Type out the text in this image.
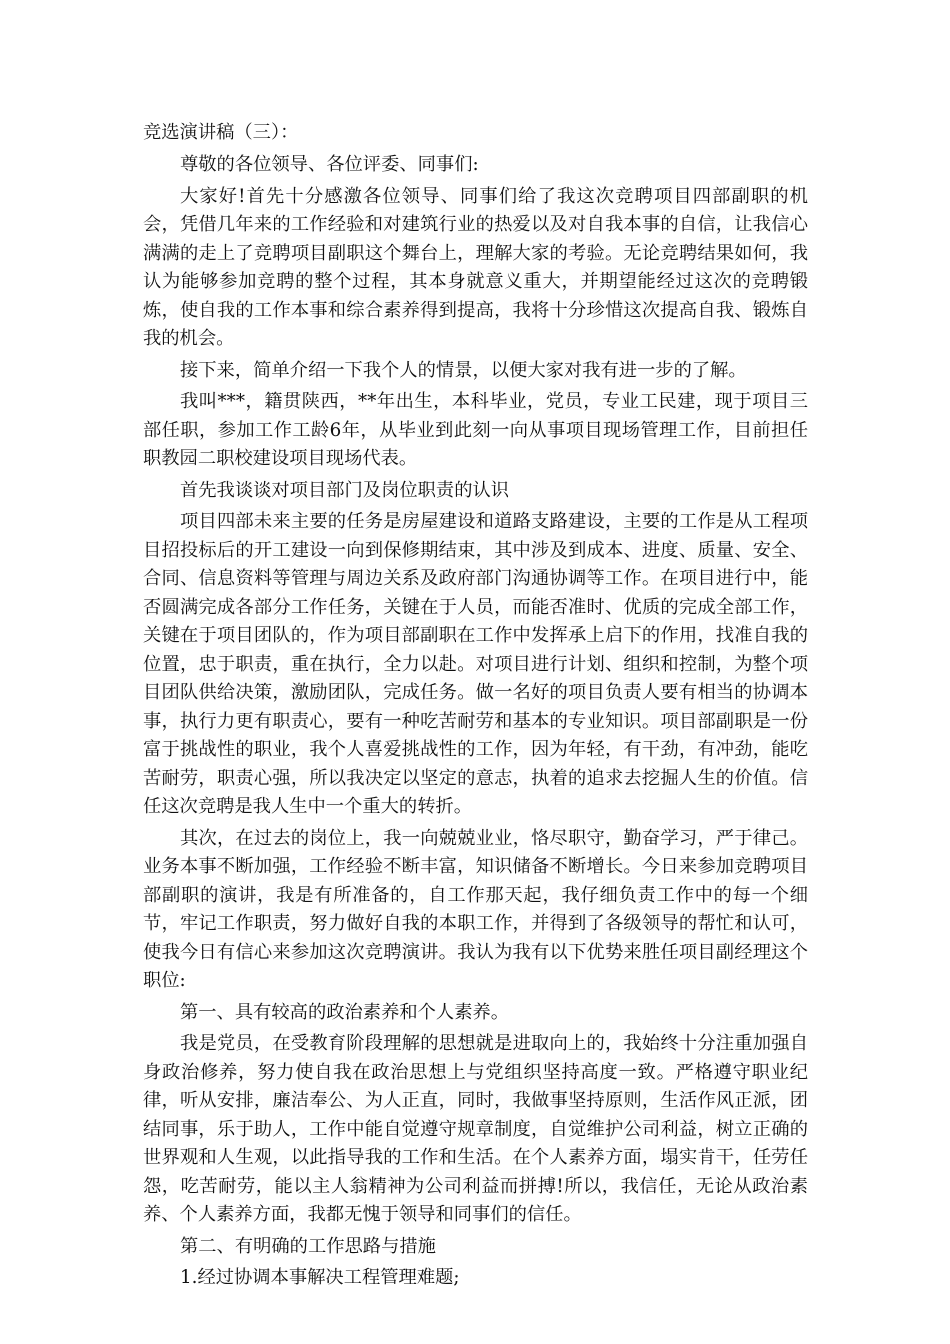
竞选演讲稿（三）：

尊敬的各位领导、各位评委、同事们:

大家好!首先十分感激各位领导、同事们给了我这次竞聘项目四部副职的机会，凭借几年来的工作经验和对建筑行业的热爱以及对自我本事的自信，让我信心满满的走上了竞聘项目副职这个舞台上，理解大家的考验。无论竞聘结果如何，我认为能够参加竞聘的整个过程，其本身就意义重大，并期望能经过这次的竞聘锻炼，使自我的工作本事和综合素养得到提高，我将十分珍惜这次提高自我、锻炼自我的机会。

接下来，简单介绍一下我个人的情景，以便大家对我有进一步的了解。

我叫***，籍贯陕西，**年出生，本科毕业，党员，专业工民建，现于项目三部任职，参加工作工龄6年，从毕业到此刻一向从事项目现场管理工作，目前担任职教园二职校建设项目现场代表。

首先我谈谈对项目部门及岗位职责的认识

项目四部未来主要的任务是房屋建设和道路支路建设，主要的工作是从工程项目招投标后的开工建设一向到保修期结束，其中涉及到成本、进度、质量、安全、合同、信息资料等管理与周边关系及政府部门沟通协调等工作。在项目进行中，能否圆满完成各部分工作任务，关键在于人员，而能否准时、优质的完成全部工作，关键在于项目团队的，作为项目部副职在工作中发挥承上启下的作用，找准自我的位置，忠于职责，重在执行，全力以赴。对项目进行计划、组织和控制，为整个项目团队供给决策，激励团队，完成任务。做一名好的项目负责人要有相当的协调本事，执行力更有职责心，要有一种吃苦耐劳和基本的专业知识。项目部副职是一份富于挑战性的职业，我个人喜爱挑战性的工作，因为年轻，有干劲，有冲劲，能吃苦耐劳，职责心强，所以我决定以坚定的意志，执着的追求去挖掘人生的价值。信任这次竞聘是我人生中一个重大的转折。

其次，在过去的岗位上，我一向兢兢业业，恪尽职守，勤奋学习，严于律己。业务本事不断加强，工作经验不断丰富，知识储备不断增长。今日来参加竞聘项目部副职的演讲，我是有所准备的，自工作那天起，我仔细负责工作中的每一个细节，牢记工作职责，努力做好自我的本职工作，并得到了各级领导的帮忙和认可，使我今日有信心来参加这次竞聘演讲。我认为我有以下优势来胜任项目副经理这个职位:

第一、具有较高的政治素养和个人素养。

我是党员，在受教育阶段理解的思想就是进取向上的，我始终十分注重加强自身政治修养，努力使自我在政治思想上与党组织坚持高度一致。严格遵守职业纪律，听从安排，廉洁奉公、为人正直，同时，我做事坚持原则，生活作风正派，团结同事，乐于助人，工作中能自觉遵守规章制度，自觉维护公司利益，树立正确的世界观和人生观，以此指导我的工作和生活。在个人素养方面，塌实肯干，任劳任怨，吃苦耐劳，能以主人翁精神为公司利益而拼搏!所以，我信任，无论从政治素养、个人素养方面，我都无愧于领导和同事们的信任。

第二、有明确的工作思路与措施

1.经过协调本事解决工程管理难题;
